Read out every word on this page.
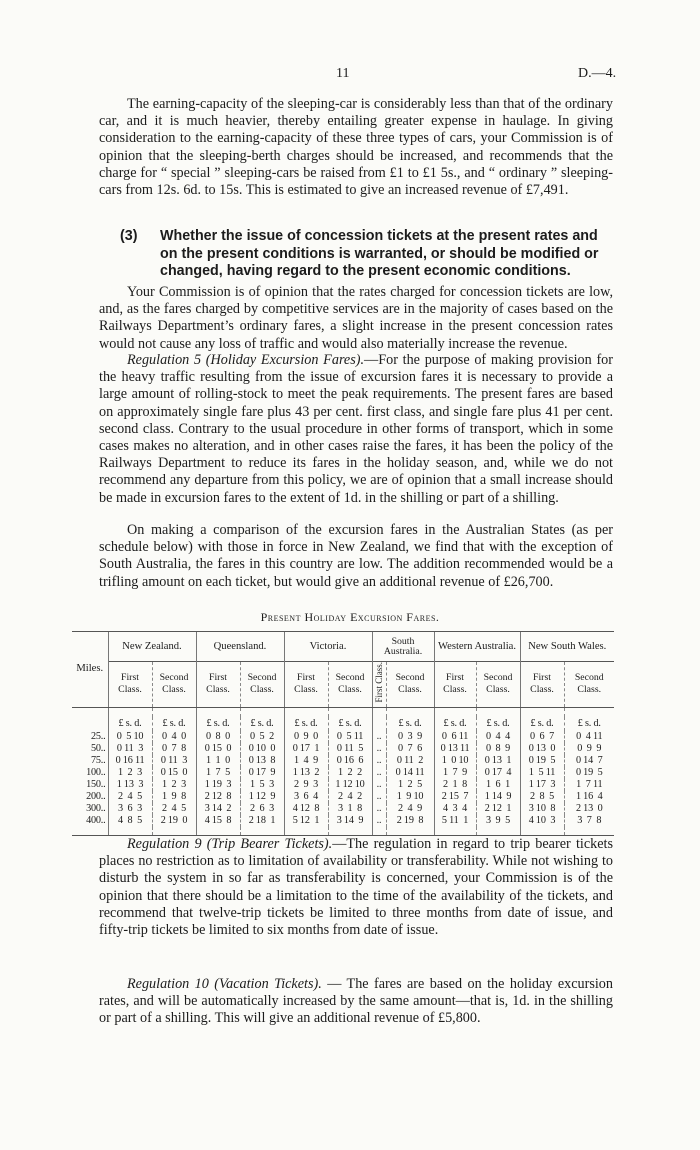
11	D.—4.

The earning-capacity of the sleeping-car is considerably less than that of the ordinary car, and it is much heavier, thereby entailing greater expense in haulage. In giving consideration to the earning-capacity of these three types of cars, your Commission is of opinion that the sleeping-berth charges should be increased, and recommends that the charge for “ special ” sleeping-cars be raised from £1 to £1 5s., and “ ordinary ” sleeping-cars from 12s. 6d. to 15s. This is estimated to give an increased revenue of £7,491.

(3)	Whether the issue of concession tickets at the present rates and on the present conditions is warranted, or should be modified or changed, having regard to the present economic conditions.

Your Commission is of opinion that the rates charged for concession tickets are low, and, as the fares charged by competitive services are in the majority of cases based on the Railways Department’s ordinary fares, a slight increase in the present concession rates would not cause any loss of traffic and would also materially increase the revenue.

Regulation 5 (Holiday Excursion Fares).—For the purpose of making provision for the heavy traffic resulting from the issue of excursion fares it is necessary to provide a large amount of rolling-stock to meet the peak requirements. The present fares are based on approximately single fare plus 43 per cent. first class, and single fare plus 41 per cent. second class. Contrary to the usual procedure in other forms of transport, which in some cases makes no alteration, and in other cases raise the fares, it has been the policy of the Railways Department to reduce its fares in the holiday season, and, while we do not recommend any departure from this policy, we are of opinion that a small increase should be made in excursion fares to the extent of 1d. in the shilling or part of a shilling.

On making a comparison of the excursion fares in the Australian States (as per schedule below) with those in force in New Zealand, we find that with the exception of South Australia, the fares in this country are low. The addition recommended would be a trifling amount on each ticket, but would give an additional revenue of £26,700.

Present Holiday Excursion Fares.
Miles.	New Zealand.		Queensland.		Victoria.		South Australia.		Western Australia.		New South Wales.	
	First Class.	Second Class.	First Class.	Second Class.	First Class.	Second Class.	First Class.	Second Class.	First Class.	Second Class.	First Class.	Second Class.

	£ s. d.	£ s. d.	£ s. d.	£ s. d.	£ s. d.	£ s. d.		£ s. d.	£ s. d.	£ s. d.	£ s. d.	£ s. d.
25..	0  5 10	0  4  0	0  8  0	0  5  2	0  9  0	0  5 11	..	0  3  9	0  6 11	0  4  4	0  6  7	0  4 11
50..	0 11  3	0  7  8	0 15  0	0 10  0	0 17  1	0 11  5	..	0  7  6	0 13 11	0  8  9	0 13  0	0  9  9
75..	0 16 11	0 11  3	1  1  0	0 13  8	1  4  9	0 16  6	..	0 11  2	1  0 10	0 13  1	0 19  5	0 14  7
100..	1  2  3	0 15  0	1  7  5	0 17  9	1 13  2	1  2  2	..	0 14 11	1  7  9	0 17  4	1  5 11	0 19  5
150..	1 13  3	1  2  3	1 19  3	1  5  3	2  9  3	1 12 10	..	1  2  5	2  1  8	1  6  1	1 17  3	1  7 11
200..	2  4  5	1  9  8	2 12  8	1 12  9	3  6  4	2  4  2	..	1  9 10	2 15  7	1 14  9	2  8  5	1 16  4
300..	3  6  3	2  4  5	3 14  2	2  6  3	4 12  8	3  1  8	..	2  4  9	4  3  4	2 12  1	3 10  8	2 13  0
400..	4  8  5	2 19  0	4 15  8	2 18  1	5 12  1	3 14  9	..	2 19  8	5 11  1	3  9  5	4 10  3	3  7  8

Regulation 9 (Trip Bearer Tickets).—The regulation in regard to trip bearer tickets places no restriction as to limitation of availability or transferability. While not wishing to disturb the system in so far as transferability is concerned, your Commission is of the opinion that there should be a limitation to the time of the availability of the tickets, and recommend that twelve-trip tickets be limited to three months from date of issue, and fifty-trip tickets be limited to six months from date of issue.

Regulation 10 (Vacation Tickets). — The fares are based on the holiday excursion rates, and will be automatically increased by the same amount—that is, 1d. in the shilling or part of a shilling. This will give an additional revenue of £5,800.
